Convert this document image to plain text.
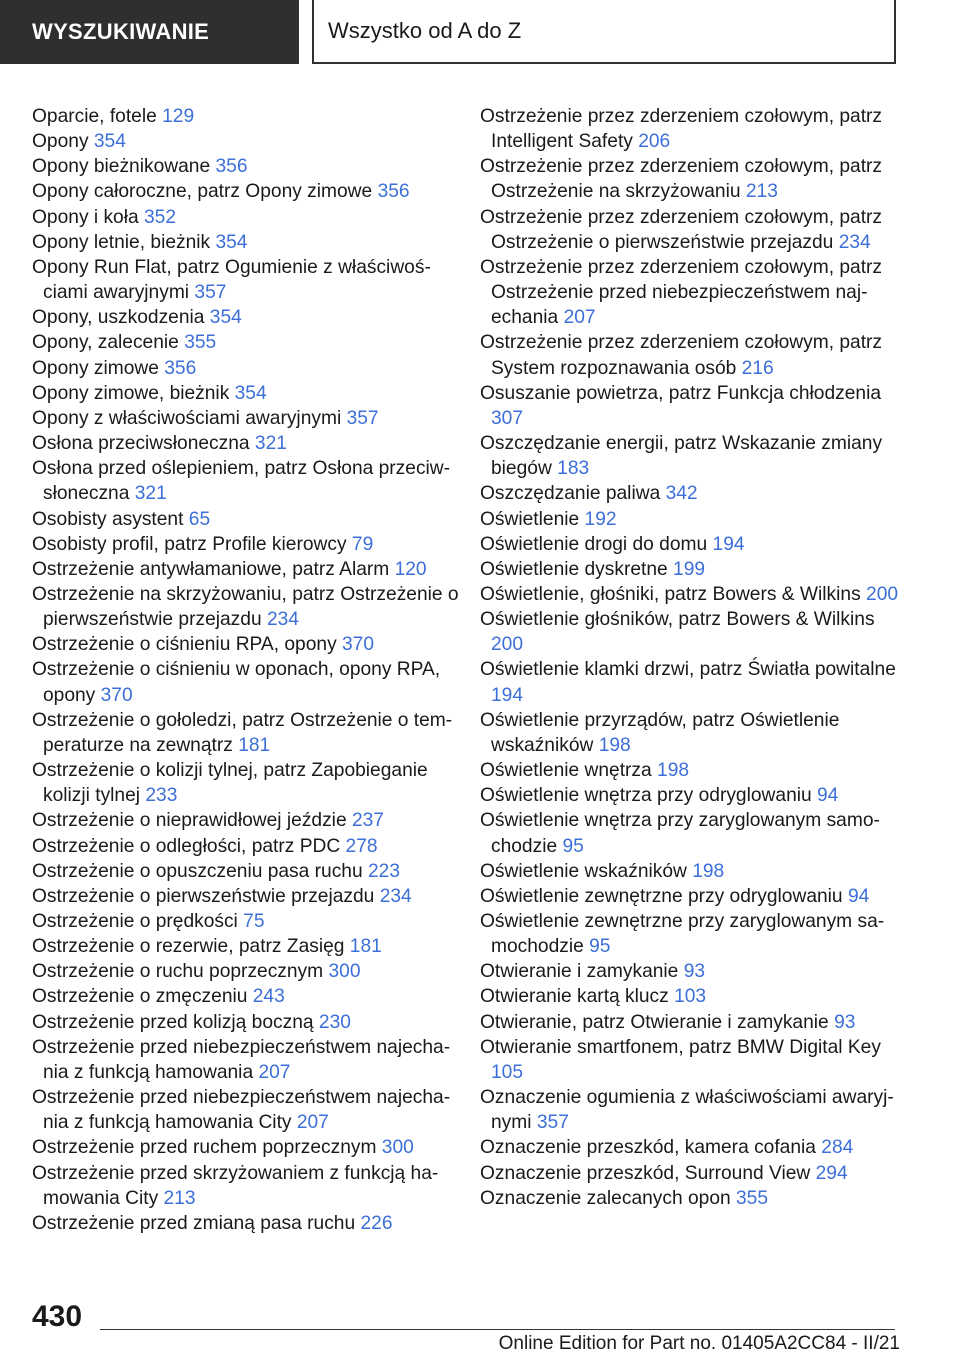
WYSZUKIWANIE	Wszystko od A do Z
Oparcie, fotele 129
Opony 354
Opony bieżnikowane 356
Opony całoroczne, patrz Opony zimowe 356
Opony i koła 352
Opony letnie, bieżnik 354
Opony Run Flat, patrz Ogumienie z właściwościami awaryjnymi 357
Opony, uszkodzenia 354
Opony, zalecenie 355
Opony zimowe 356
Opony zimowe, bieżnik 354
Opony z właściwościami awaryjnymi 357
Osłona przeciwsłoneczna 321
Osłona przed oślepieniem, patrz Osłona przeciwsłoneczna 321
Osobisty asystent 65
Osobisty profil, patrz Profile kierowcy 79
Ostrzeżenie antywłamaniowe, patrz Alarm 120
Ostrzeżenie na skrzyżowaniu, patrz Ostrzeżenie o pierwszeństwie przejazdu 234
Ostrzeżenie o ciśnieniu RPA, opony 370
Ostrzeżenie o ciśnieniu w oponach, opony RPA, opony 370
Ostrzeżenie o gołoledzi, patrz Ostrzeżenie o temperaturze na zewnątrz 181
Ostrzeżenie o kolizji tylnej, patrz Zapobieganie kolizji tylnej 233
Ostrzeżenie o nieprawidłowej jeździe 237
Ostrzeżenie o odległości, patrz PDC 278
Ostrzeżenie o opuszczeniu pasa ruchu 223
Ostrzeżenie o pierwszeństwie przejazdu 234
Ostrzeżenie o prędkości 75
Ostrzeżenie o rezerwie, patrz Zasięg 181
Ostrzeżenie o ruchu poprzecznym 300
Ostrzeżenie o zmęczeniu 243
Ostrzeżenie przed kolizją boczną 230
Ostrzeżenie przed niebezpieczeństwem najechania z funkcją hamowania 207
Ostrzeżenie przed niebezpieczeństwem najechania z funkcją hamowania City 207
Ostrzeżenie przed ruchem poprzecznym 300
Ostrzeżenie przed skrzyżowaniem z funkcją hamowania City 213
Ostrzeżenie przed zmianą pasa ruchu 226
Ostrzeżenie przez zderzeniem czołowym, patrz Intelligent Safety 206
Ostrzeżenie przez zderzeniem czołowym, patrz Ostrzeżenie na skrzyżowaniu 213
Ostrzeżenie przez zderzeniem czołowym, patrz Ostrzeżenie o pierwszeństwie przejazdu 234
Ostrzeżenie przez zderzeniem czołowym, patrz Ostrzeżenie przed niebezpieczeństwem najechania 207
Ostrzeżenie przez zderzeniem czołowym, patrz System rozpoznawania osób 216
Osuszanie powietrza, patrz Funkcja chłodzenia 307
Oszczędzanie energii, patrz Wskazanie zmiany biegów 183
Oszczędzanie paliwa 342
Oświetlenie 192
Oświetlenie drogi do domu 194
Oświetlenie dyskretne 199
Oświetlenie, głośniki, patrz Bowers & Wilkins 200
Oświetlenie głośników, patrz Bowers & Wilkins 200
Oświetlenie klamki drzwi, patrz Światła powitalne 194
Oświetlenie przyrządów, patrz Oświetlenie wskaźników 198
Oświetlenie wnętrza 198
Oświetlenie wnętrza przy odryglowaniu 94
Oświetlenie wnętrza przy zaryglowanym samochodzie 95
Oświetlenie wskaźników 198
Oświetlenie zewnętrzne przy odryglowaniu 94
Oświetlenie zewnętrzne przy zaryglowanym samochodzie 95
Otwieranie i zamykanie 93
Otwieranie kartą klucz 103
Otwieranie, patrz Otwieranie i zamykanie 93
Otwieranie smartfonem, patrz BMW Digital Key 105
Oznaczenie ogumienia z właściwościami awaryjnymi 357
Oznaczenie przeszkód, kamera cofania 284
Oznaczenie przeszkód, Surround View 294
Oznaczenie zalecanych opon 355
430
Online Edition for Part no. 01405A2CC84 - II/21
